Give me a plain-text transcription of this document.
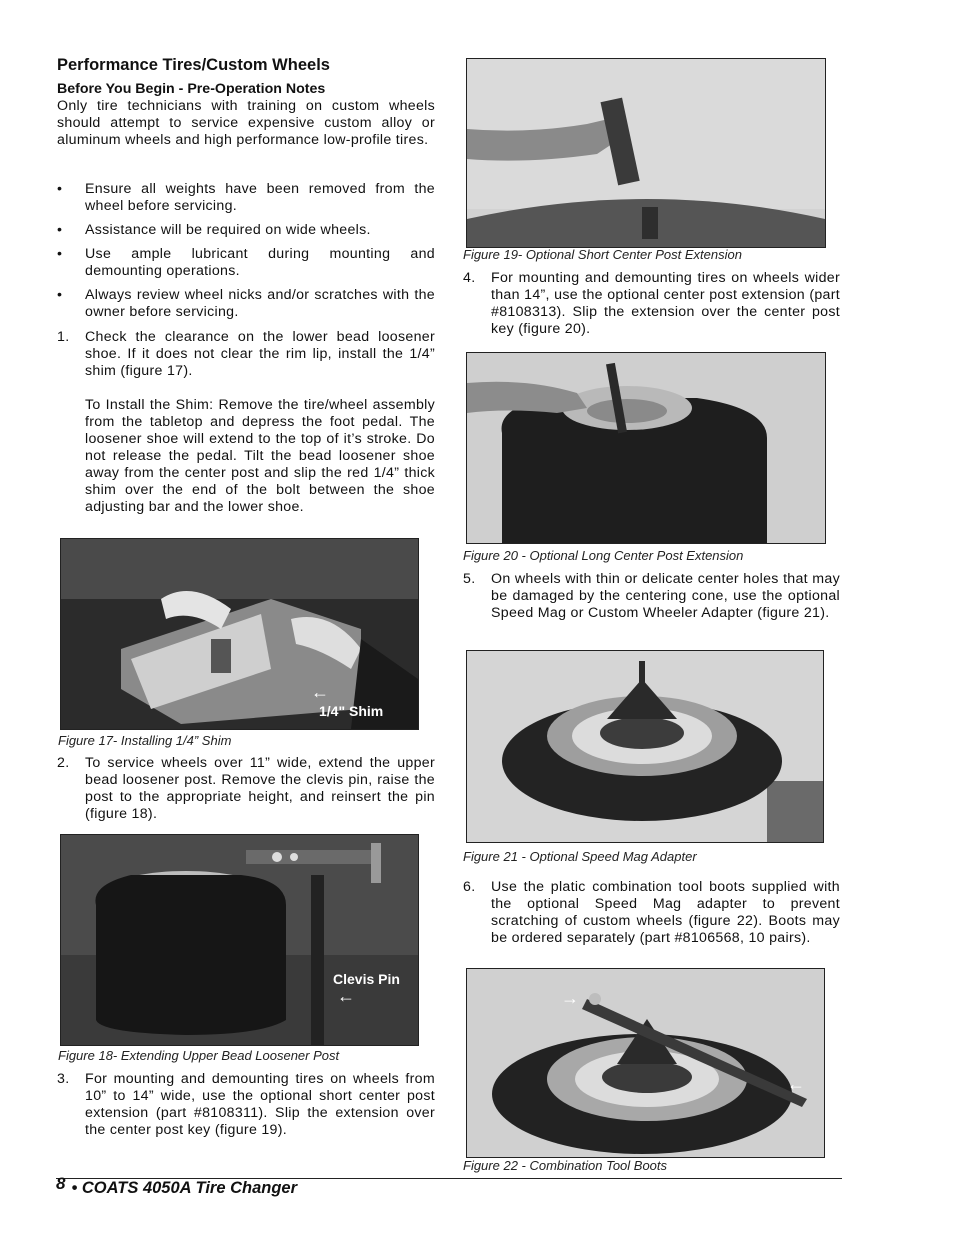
Performance Tires/Custom Wheels
Before You Begin - Pre-Operation Notes

Only tire technicians with training on custom wheels should attempt to service expensive custom alloy or aluminum wheels and high performance low-profile tires.

• Ensure all weights have been removed from the wheel before servicing.
• Assistance will be required on wide wheels.
• Use ample lubricant during mounting and demounting operations.
• Always review wheel nicks and/or scratches with the owner before servicing.
1. Check the clearance on the lower bead loosener shoe. If it does not clear the rim lip, install the 1/4” shim (figure 17).
To Install the Shim: Remove the tire/wheel assembly from the tabletop and depress the foot pedal. The loosener shoe will extend to the top of it’s stroke. Do not release the pedal. Tilt the bead loosener shoe away from the center post and slip the red 1/4” thick shim over the end of the bolt between the shoe adjusting bar and the lower shoe.
←
1/4" Shim
Figure 17- Installing 1/4” Shim
2. To service wheels over 11” wide, extend the upper bead loosener post. Remove the clevis pin, raise the post to the appropriate height, and reinsert the pin (figure 18).
Clevis Pin
←
Figure 18- Extending Upper Bead Loosener Post
3. For mounting and demounting tires on wheels from 10” to 14” wide, use the optional short center post extension (part #8108311). Slip the extension over the center post key (figure 19).
Figure 19- Optional Short Center Post Extension
4. For mounting and demounting tires on wheels wider than 14”, use the optional center post extension (part #8108313). Slip the extension over the center post key (figure 20).
Figure 20 - Optional Long Center Post Extension
5. On wheels with thin or delicate center holes that may be damaged by the centering cone, use the optional Speed Mag or Custom Wheeler Adapter (figure 21).
Figure 21 - Optional Speed Mag Adapter
6. Use the platic combination tool boots supplied with the optional Speed Mag adapter to prevent scratching of custom wheels (figure 22). Boots may be ordered separately (part #8106568, 10 pairs).
→
←
Figure 22 - Combination Tool Boots
8 • COATS 4050A Tire Changer
